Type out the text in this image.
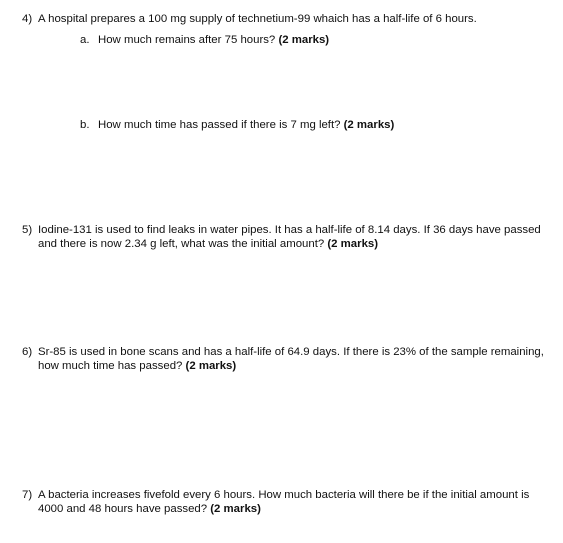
4) A hospital prepares a 100 mg supply of technetium-99 whaich has a half-life of 6 hours.
a. How much remains after 75 hours? (2 marks)
b. How much time has passed if there is 7 mg left? (2 marks)
5) Iodine-131 is used to find leaks in water pipes. It has a half-life of 8.14 days. If 36 days have passed and there is now 2.34 g left, what was the initial amount? (2 marks)
6) Sr-85 is used in bone scans and has a half-life of 64.9 days. If there is 23% of the sample remaining, how much time has passed? (2 marks)
7) A bacteria increases fivefold every 6 hours. How much bacteria will there be if the initial amount is 4000 and 48 hours have passed? (2 marks)
